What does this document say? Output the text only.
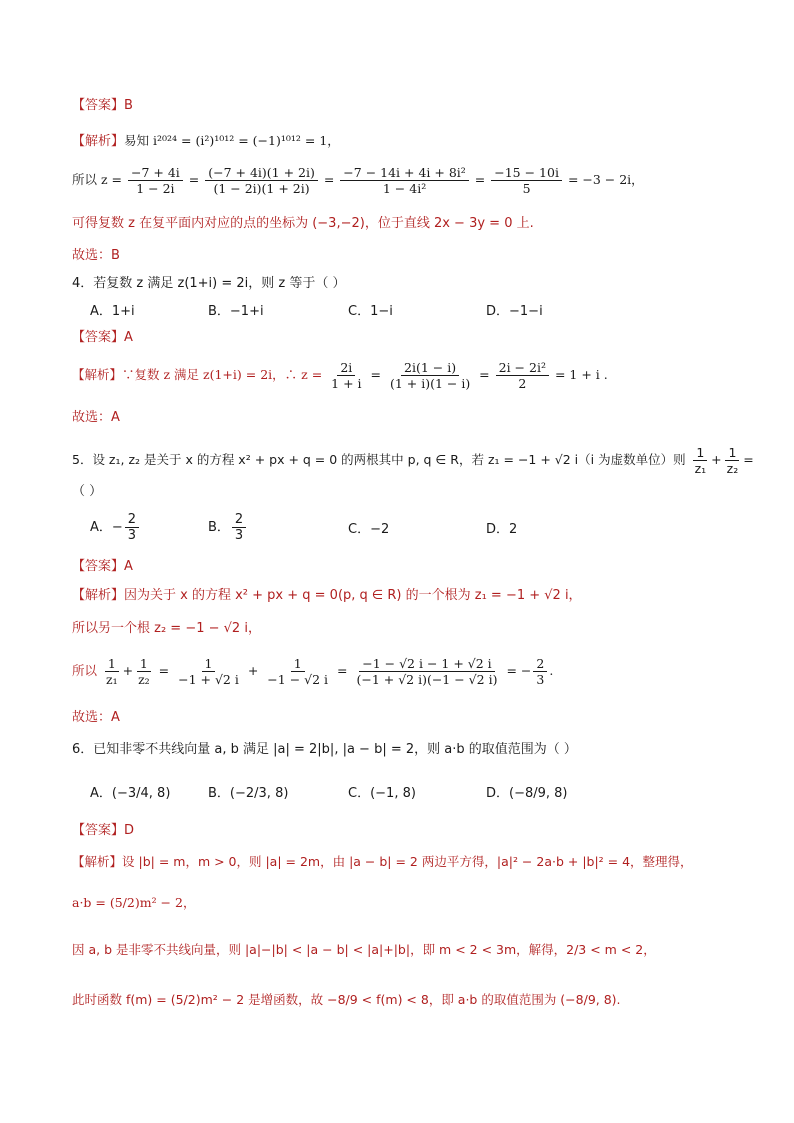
【答案】B
【解析】易知 i²⁰²⁴ = (i²)¹⁰¹² = (−1)¹⁰¹² = 1，
所以 $z = \frac{-7 + 4i}{1 - 2i} = \frac{(-7 + 4i)(1 + 2i)}{(1 - 2i)(1 + 2i)} = \frac{\text{−7 − 14i + 4i + 8i²}}{\text{1 − 4i²}} = \frac{-15 - 10i}{5} = -3 - 2i$，
可得复数 z 在复平面内对应的点的坐标为 (−3,−2)，位于直线 2x − 3y = 0 上.
故选：B
4．若复数 z 满足 z(1+i) = 2i，则 z 等于（ ）
A．1+i	B．−1+i	C．1−i	D．−1−i
【答案】A
【解析】∵复数 z 满足 z(1+i) = 2i，∴ $z = \frac{2i}{1 + i} = \frac{2i(1 - i)}{(1 + i)(1 - i)} = \frac{\text{2i − 2i²}}{2} = 1 + i$ .
故选：A
5．设 z₁, z₂ 是关于 x 的方程 x² + px + q = 0 的两根其中 p, q ∈ R，若 z₁ = −1 + √2 i（i 为虚数单位）则 $\frac{1}{\text{z₁}} + \frac{1}{\text{z₂}}$ =
（ ）
A．− $\frac{2}{3}$	B． $\frac{2}{3}$	C．−2	D．2
【答案】A
【解析】因为关于 x 的方程 x² + px + q = 0(p, q ∈ R) 的一个根为 z₁ = −1 + √2 i，
所以另一个根 z₂ = −1 − √2 i，
所以 $\frac{1}{\text{z₁}} + \frac{1}{\text{z₂}} = \frac{1}{-1 + √2 i} + \frac{1}{-1 - √2 i} = \frac{-1 - √2 i - 1 + √2 i}{(-1 + √2 i)(-1 - √2 i)}$ = − $\frac{2}{3}$ .
故选：A
6．已知非零不共线向量 a, b 满足 |a| = 2|b|, |a − b| = 2，则 a·b 的取值范围为（ ）
A．(−3/4, 8)	B．(−2/3, 8)	C．(−1, 8)	D．(−8/9, 8)
【答案】D
【解析】设 |b| = m，m > 0，则 |a| = 2m，由 |a − b| = 2 两边平方得，|a|² − 2a·b + |b|² = 4，整理得，
a·b = (5/2)m² − 2，
因 a, b 是非零不共线向量，则 |a|−|b| < |a − b| < |a|+|b|，即 m < 2 < 3m，解得，2/3 < m < 2，
此时函数 f(m) = (5/2)m² − 2 是增函数，故 −8/9 < f(m) < 8，即 a·b 的取值范围为 (−8/9, 8).
